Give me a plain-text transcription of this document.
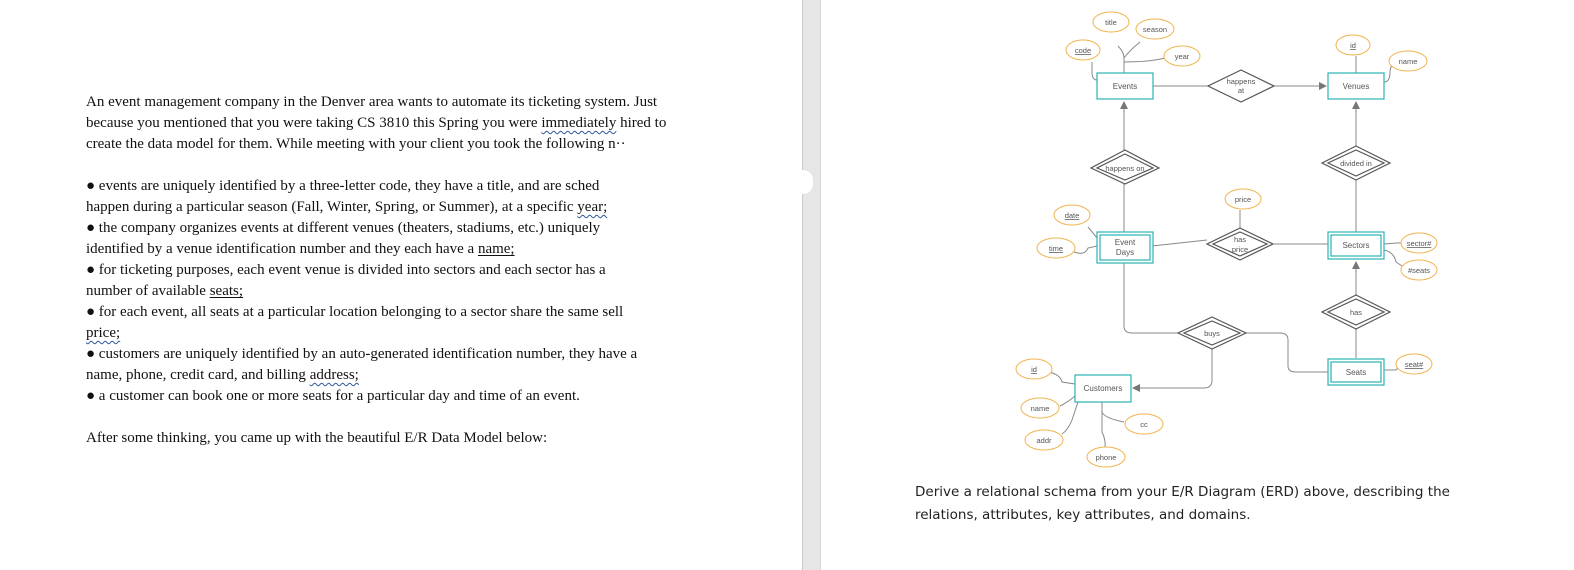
An event management company in the Denver area wants to automate its ticketing system. Just
because you mentioned that you were taking CS 3810 this Spring you were immediately hired to
create the data model for them. While meeting with your client you took the following n··
● events are uniquely identified by a three-letter code, they have a title, and are sched
happen during a particular season (Fall, Winter, Spring, or Summer), at a specific year;
● the company organizes events at different venues (theaters, stadiums, etc.) uniquely
identified by a venue identification number and they each have a name;
● for ticketing purposes, each event venue is divided into sectors and each sector has a
number of available seats;
● for each event, all seats at a particular location belonging to a sector share the same sell
price;
● customers are uniquely identified by an auto-generated identification number, they have a
name, phone, credit card, and billing address;
● a customer can book one or more seats for a particular day and time of an event.
After some thinking, you came up with the beautiful E/R Data Model below:
Events	Venues
Event
Days
Sectors
Seats
Customers
happens
at
happens on
divided in
has
price
has
buys
title
season
code
year
id
name
price
date
time
sector#
#seats
seat#
id
name
addr
cc
phone
Derive a relational schema from your E/R Diagram (ERD) above, describing the relations, attributes, key attributes, and domains.
